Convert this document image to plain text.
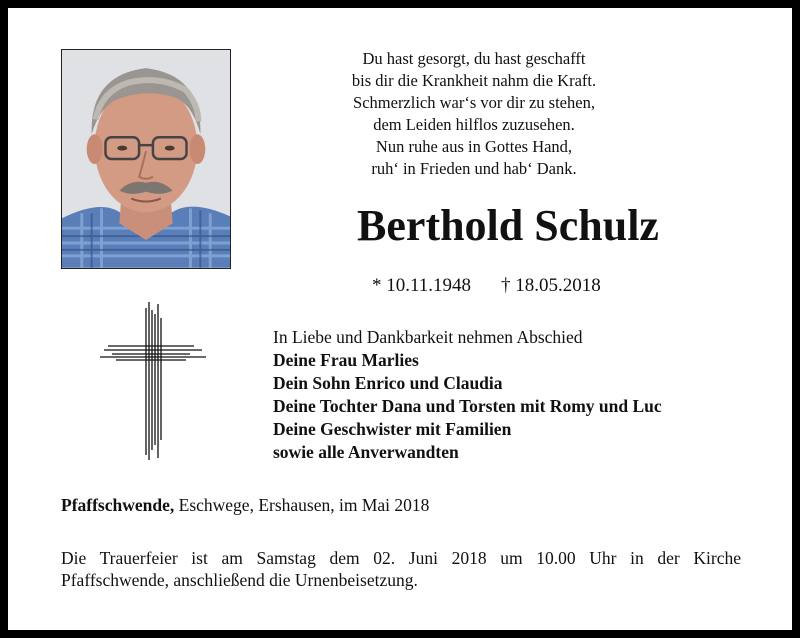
Du hast gesorgt, du hast geschafft
bis dir die Krankheit nahm die Kraft.
Schmerzlich war‘s vor dir zu stehen,
dem Leiden hilflos zuzusehen.
Nun ruhe aus in Gottes Hand,
ruh‘ in Frieden und hab‘ Dank.
Berthold Schulz
* 10.11.1948 † 18.05.2018
In Liebe und Dankbarkeit nehmen Abschied
Deine Frau Marlies
Dein Sohn Enrico und Claudia
Deine Tochter Dana und Torsten mit Romy und Luc
Deine Geschwister mit Familien
sowie alle Anverwandten
Pfaffschwende, Eschwege, Ershausen, im Mai 2018
Die Trauerfeier ist am Samstag dem 02. Juni 2018 um 10.00 Uhr in der Kirche
Pfaffschwende, anschließend die Urnenbeisetzung.
